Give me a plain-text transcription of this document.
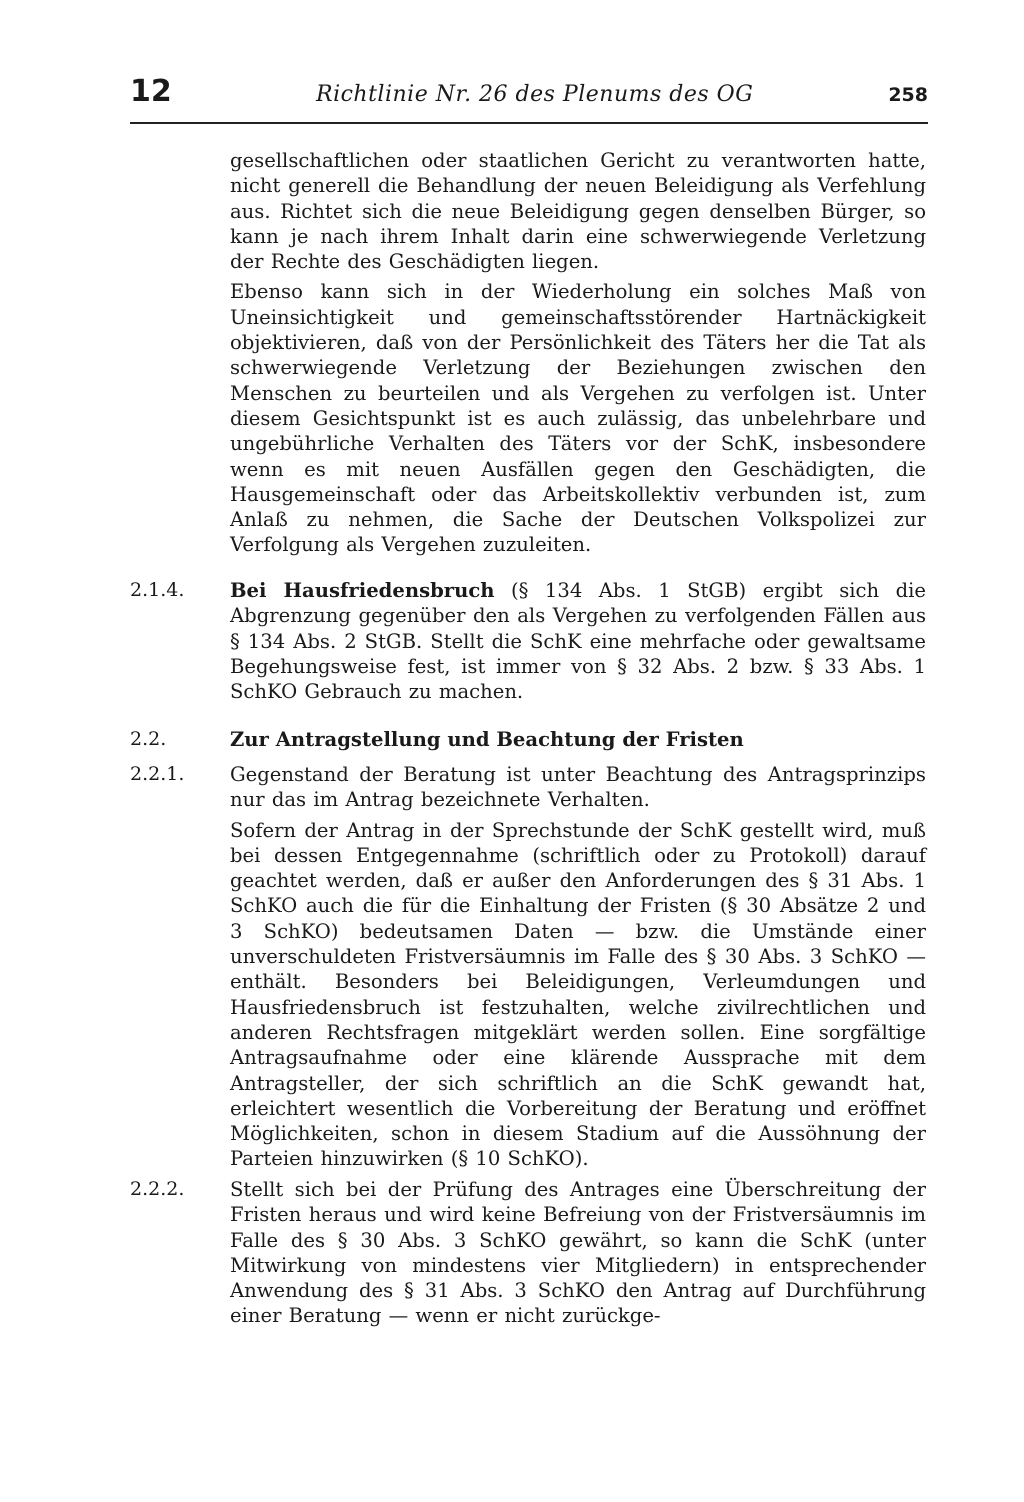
12	Richtlinie Nr. 26 des Plenums des OG	258

gesellschaftlichen oder staatlichen Gericht zu verantworten hatte, nicht generell die Behandlung der neuen Beleidigung als Verfehlung aus. Richtet sich die neue Beleidigung gegen denselben Bürger, so kann je nach ihrem Inhalt darin eine schwerwiegende Verletzung der Rechte des Geschädigten liegen.

Ebenso kann sich in der Wiederholung ein solches Maß von Uneinsichtigkeit und gemeinschaftsstörender Hartnäckigkeit objektivieren, daß von der Persönlichkeit des Täters her die Tat als schwerwiegende Verletzung der Beziehungen zwischen den Menschen zu beurteilen und als Vergehen zu verfolgen ist. Unter diesem Gesichtspunkt ist es auch zulässig, das unbelehrbare und ungebührliche Verhalten des Täters vor der SchK, insbesondere wenn es mit neuen Ausfällen gegen den Geschädigten, die Hausgemeinschaft oder das Arbeitskollektiv verbunden ist, zum Anlaß zu nehmen, die Sache der Deutschen Volkspolizei zur Verfolgung als Vergehen zuzuleiten.

2.1.4. Bei Hausfriedensbruch (§ 134 Abs. 1 StGB) ergibt sich die Abgrenzung gegenüber den als Vergehen zu verfolgenden Fällen aus § 134 Abs. 2 StGB. Stellt die SchK eine mehrfache oder gewaltsame Begehungsweise fest, ist immer von § 32 Abs. 2 bzw. § 33 Abs. 1 SchKO Gebrauch zu machen.

2.2.	Zur Antragstellung und Beachtung der Fristen
2.2.1. Gegenstand der Beratung ist unter Beachtung des Antragsprinzips nur das im Antrag bezeichnete Verhalten.

Sofern der Antrag in der Sprechstunde der SchK gestellt wird, muß bei dessen Entgegennahme (schriftlich oder zu Protokoll) darauf geachtet werden, daß er außer den Anforderungen des § 31 Abs. 1 SchKO auch die für die Einhaltung der Fristen (§ 30 Absätze 2 und 3 SchKO) bedeutsamen Daten — bzw. die Umstände einer unverschuldeten Fristversäumnis im Falle des § 30 Abs. 3 SchKO — enthält. Besonders bei Beleidigungen, Verleumdungen und Hausfriedensbruch ist festzuhalten, welche zivilrechtlichen und anderen Rechtsfragen mitgeklärt werden sollen. Eine sorgfältige Antragsaufnahme oder eine klärende Aussprache mit dem Antragsteller, der sich schriftlich an die SchK gewandt hat, erleichtert wesentlich die Vorbereitung der Beratung und eröffnet Möglichkeiten, schon in diesem Stadium auf die Aussöhnung der Parteien hinzuwirken (§ 10 SchKO).

2.2.2. Stellt sich bei der Prüfung des Antrages eine Überschreitung der Fristen heraus und wird keine Befreiung von der Fristversäumnis im Falle des § 30 Abs. 3 SchKO gewährt, so kann die SchK (unter Mitwirkung von mindestens vier Mitgliedern) in entsprechender Anwendung des § 31 Abs. 3 SchKO den Antrag auf Durchführung einer Beratung — wenn er nicht zurückge-
